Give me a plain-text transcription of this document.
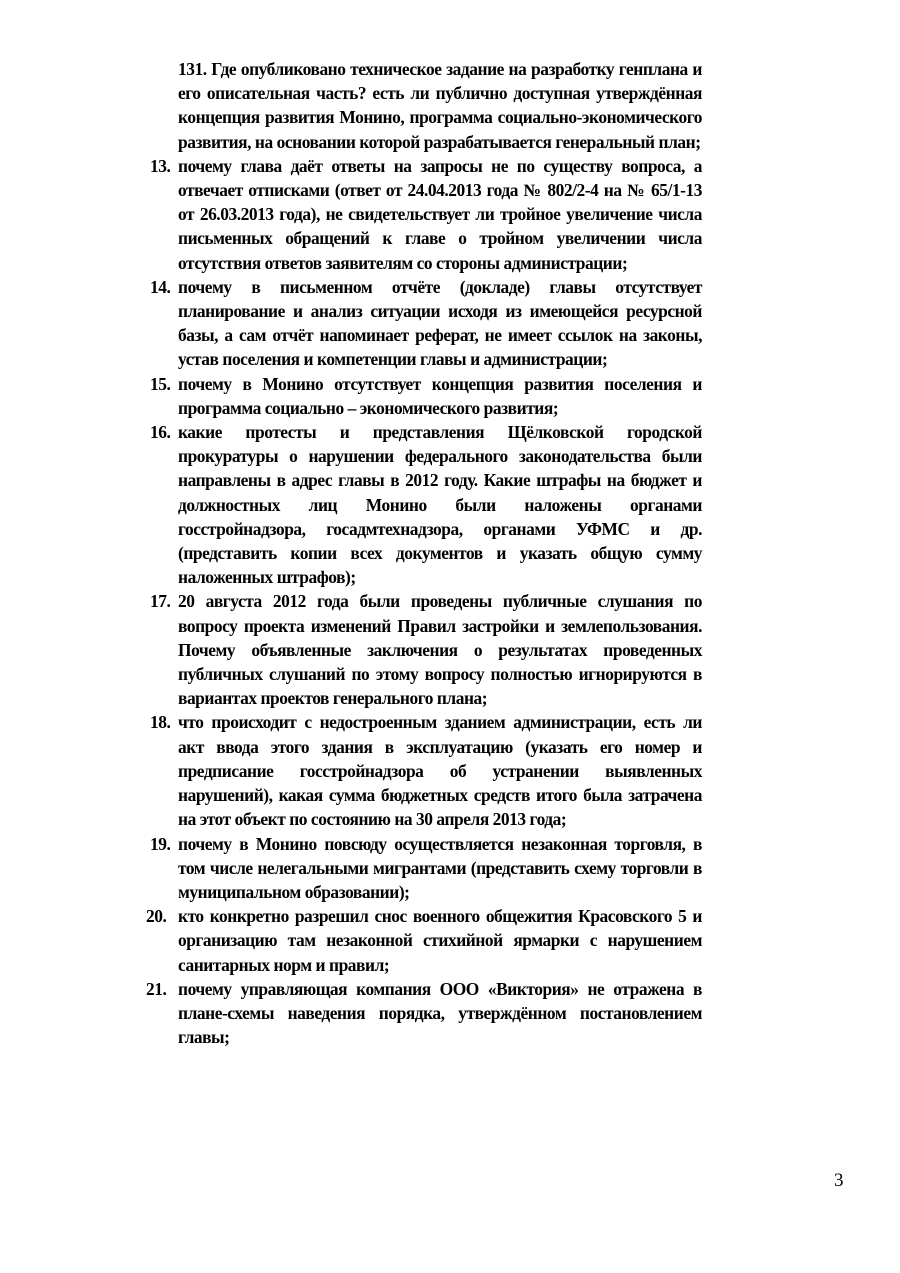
131. Где опубликовано техническое задание на разработку генплана и его описательная часть? есть ли публично доступная утверждённая концепция развития Монино, программа социально-экономического развития, на основании которой разрабатывается генеральный план;

13. почему глава даёт ответы на запросы не по существу вопроса, а отвечает отписками (ответ от 24.04.2013 года № 802/2-4 на № 65/1-13 от 26.03.2013 года), не свидетельствует ли тройное увеличение числа письменных обращений к главе о тройном увеличении числа отсутствия ответов заявителям со стороны администрации;

14. почему в письменном отчёте (докладе) главы отсутствует планирование и анализ ситуации исходя из имеющейся ресурсной базы, а сам отчёт напоминает реферат, не имеет ссылок на законы, устав поселения и компетенции главы и администрации;

15. почему в Монино отсутствует концепция развития поселения и программа социально – экономического развития;

16. какие протесты и представления Щёлковской городской прокуратуры о нарушении федерального законодательства были направлены в адрес главы в 2012 году. Какие штрафы на бюджет и должностных лиц Монино были наложены органами госстройнадзора, госадмтехнадзора, органами УФМС и др. (представить копии всех документов и указать общую сумму наложенных штрафов);

17. 20 августа 2012 года были проведены публичные слушания по вопросу проекта изменений Правил застройки и землепользования. Почему объявленные заключения о результатах проведенных публичных слушаний по этому вопросу полностью игнорируются в вариантах проектов генерального плана;

18. что происходит с недостроенным зданием администрации, есть ли акт ввода этого здания в эксплуатацию (указать его номер и предписание госстройнадзора об устранении выявленных нарушений), какая сумма бюджетных средств итого была затрачена на этот объект по состоянию на 30 апреля 2013 года;

19. почему в Монино повсюду осуществляется незаконная торговля, в том числе нелегальными мигрантами (представить схему торговли в муниципальном образовании);

20. кто конкретно разрешил снос военного общежития Красовского 5 и организацию там незаконной стихийной ярмарки с нарушением санитарных норм и правил;

21. почему управляющая компания ООО «Виктория» не отражена в плане-схемы наведения порядка, утверждённом постановлением главы;

3
